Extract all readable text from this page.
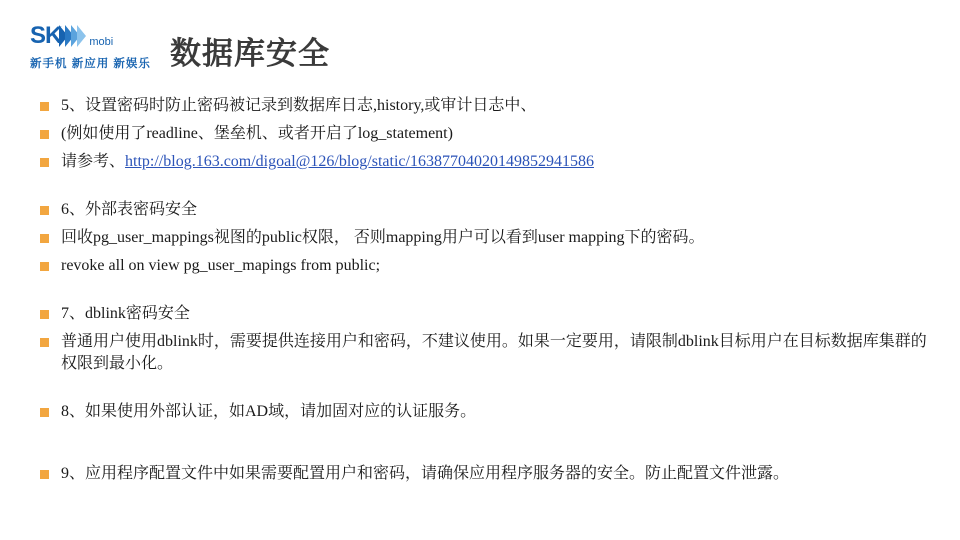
SK	mobi
新手机 新应用 新娱乐 数据库安全
5、设置密码时防止密码被记录到数据库日志,history,或审计日志中、
(例如使用了readline、堡垒机、或者开启了log_statement)
请参考、http://blog.163.com/digoal@126/blog/static/16387704020149852941586
6、外部表密码安全
回收pg_user_mappings视图的public权限， 否则mapping用户可以看到user mapping下的密码。
revoke all on view pg_user_mapings from public;
7、dblink密码安全
普通用户使用dblink时，需要提供连接用户和密码，不建议使用。如果一定要用，请限制dblink目标用户在目标数据库集群的权限到最小化。
8、如果使用外部认证，如AD域，请加固对应的认证服务。
9、应用程序配置文件中如果需要配置用户和密码，请确保应用程序服务器的安全。防止配置文件泄露。
